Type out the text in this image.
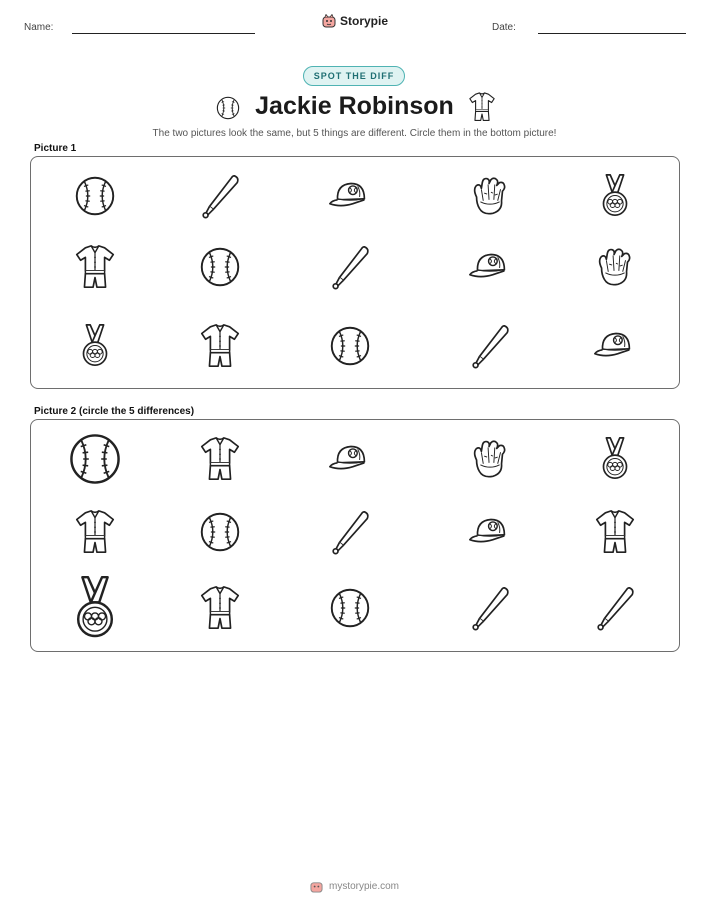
Name:	Storypie	Date:
SPOT THE DIFF
Jackie Robinson
The two pictures look the same, but 5 things are different. Circle them in the bottom picture!
Picture 1
Picture 2 (circle the 5 differences)
mystorypie.com
